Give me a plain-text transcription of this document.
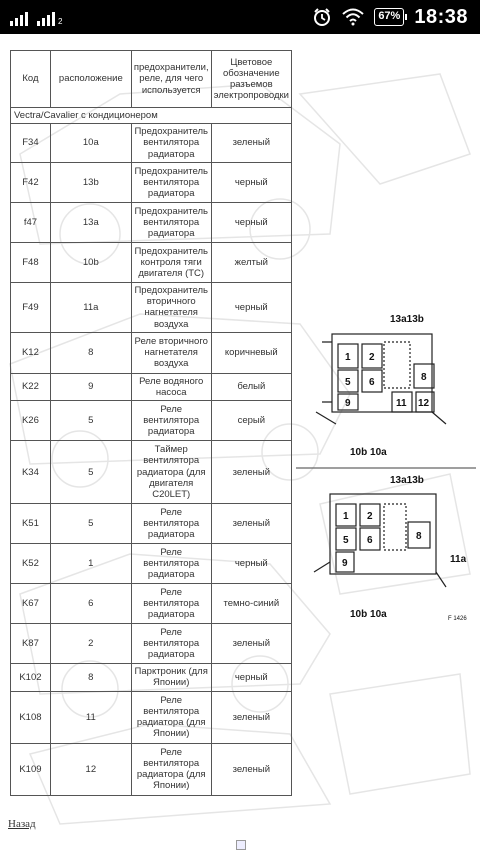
2	67% 18:38
Код	расположение	предохранители, реле, для чего используется	Цветовое обозначение разъемов электропроводки
Vectra/Cavalier с кондиционером			
F34	10a	Предохранитель вентилятора радиатора	зеленый
F42	13b	Предохранитель вентилятора радиатора	черный
f47	13a	Предохранитель вентилятора радиатора	черный
F48	10b	Предохранитель контроля тяги двигателя (TC)	желтый
F49	11a	Предохранитель вторичного нагнетателя воздуха	черный
K12	8	Реле вторичного нагнетателя воздуха	коричневый
K22	9	Реле водяного насоса	белый
K26	5	Реле вентилятора радиатора	серый
K34	5	Таймер вентилятора радиатора (для двигателя C20LET)	зеленый
K51	5	Реле вентилятора радиатора	зеленый
K52	1	Реле вентилятора радиатора	черный
K67	6	Реле вентилятора радиатора	темно-синий
K87	2	Реле вентилятора радиатора	зеленый
K102	8	Парктроник (для Японии)	черный
K108	11	Реле вентилятора радиатора (для Японии)	зеленый
K109	12	Реле вентилятора радиатора (для Японии)	зеленый
13a13b
1 2
5 6	8
9	11 12
10b 10a
13a13b
1 2
5 6	8
9	11a
10b 10a	F 1426
Назад
